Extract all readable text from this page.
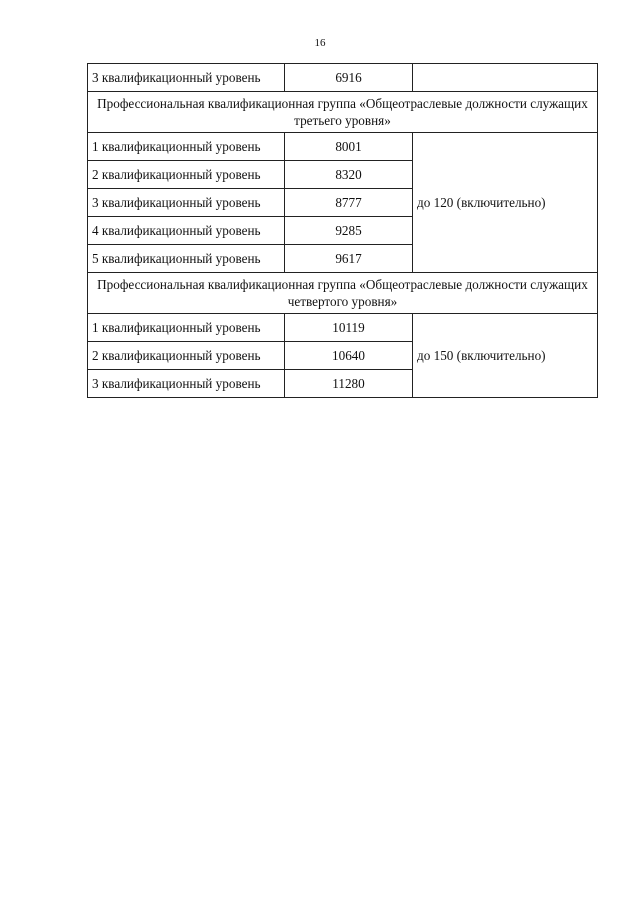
16
3 квалификационный уровень	6916	
Профессиональная квалификационная группа «Общеотраслевые должности служащих третьего уровня»		
1 квалификационный уровень	8001	до 120 (включительно)
2 квалификационный уровень	8320	
3 квалификационный уровень	8777	
4 квалификационный уровень	9285	
5 квалификационный уровень	9617	
Профессиональная квалификационная группа «Общеотраслевые должности служащих четвертого уровня»		
1 квалификационный уровень	10119	до 150 (включительно)
2 квалификационный уровень	10640	
3 квалификационный уровень	11280	
